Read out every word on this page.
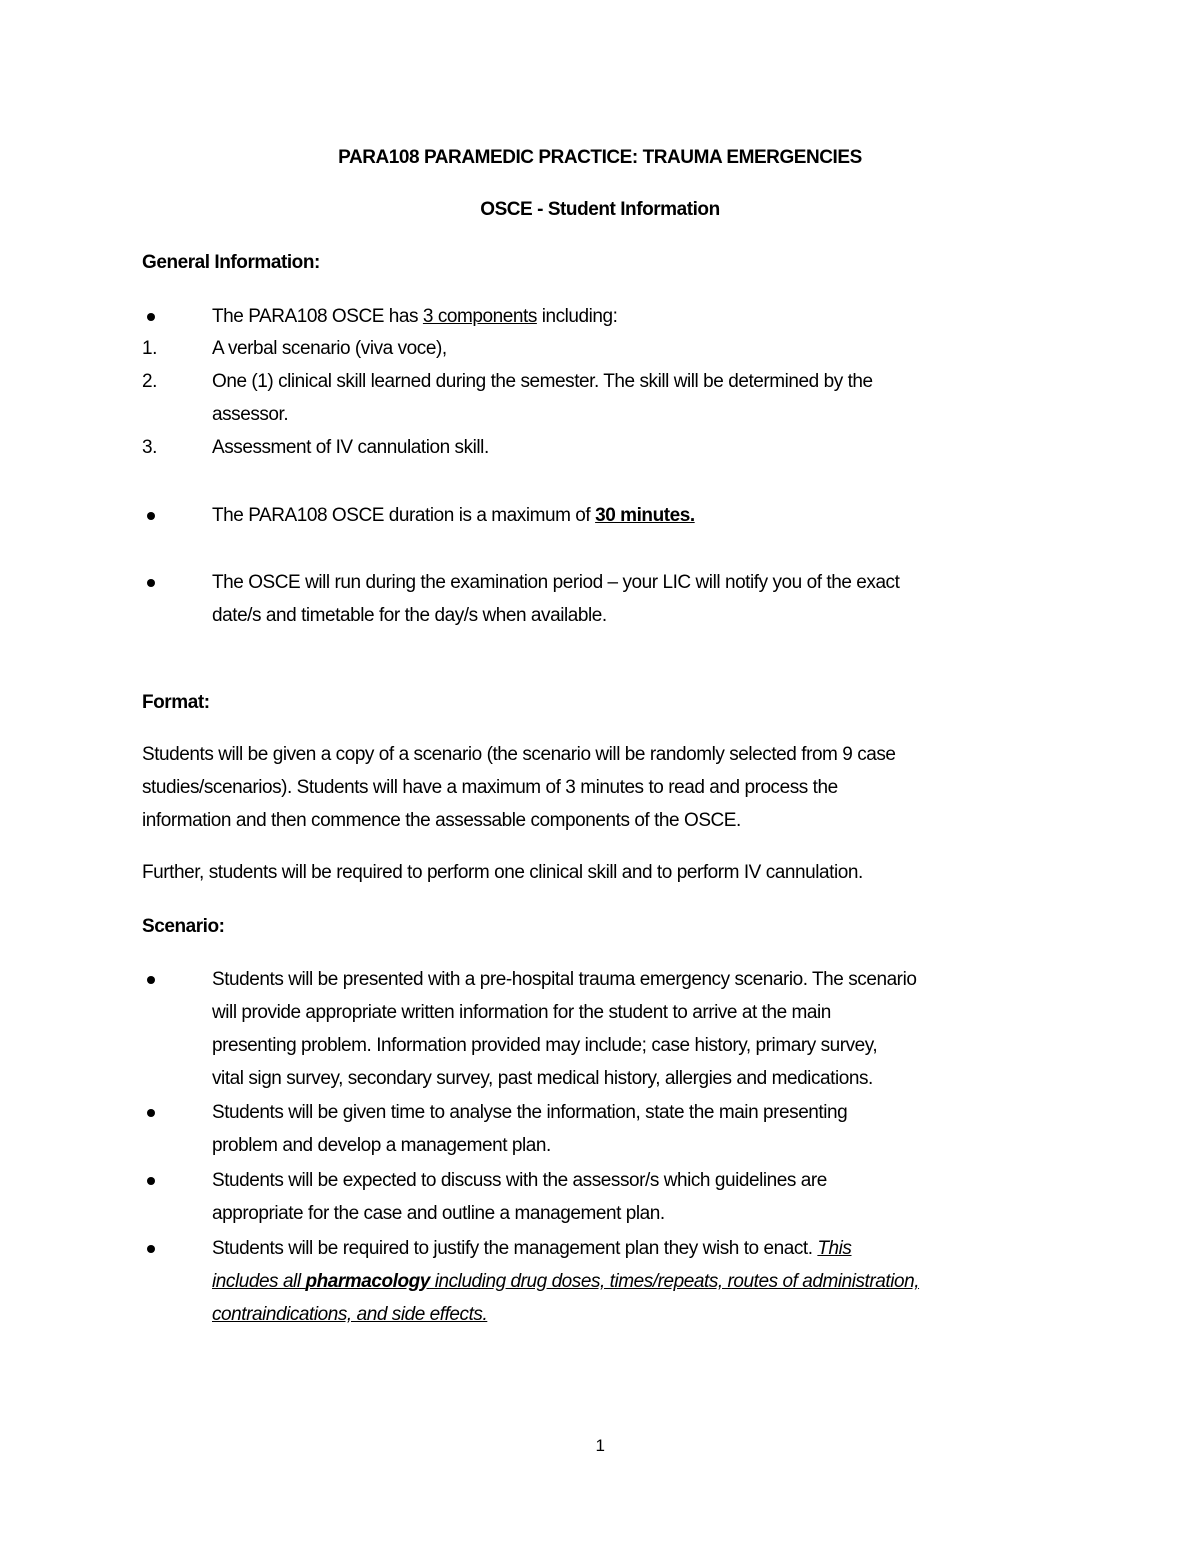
PARA108 PARAMEDIC PRACTICE: TRAUMA EMERGENCIES
OSCE - Student Information
General Information:
The PARA108 OSCE has 3 components including:
1.	A verbal scenario (viva voce),
2.	One (1) clinical skill learned during the semester. The skill will be determined by the
assessor.
3.	Assessment of IV cannulation skill.
The PARA108 OSCE duration is a maximum of 30 minutes.
The OSCE will run during the examination period – your LIC will notify you of the exact
date/s and timetable for the day/s when available.
Format:
Students will be given a copy of a scenario (the scenario will be randomly selected from 9 case
studies/scenarios). Students will have a maximum of 3 minutes to read and process the
information and then commence the assessable components of the OSCE.
Further, students will be required to perform one clinical skill and to perform IV cannulation.
Scenario:
Students will be presented with a pre-hospital trauma emergency scenario. The scenario
will provide appropriate written information for the student to arrive at the main
presenting problem. Information provided may include; case history, primary survey,
vital sign survey, secondary survey, past medical history, allergies and medications.
Students will be given time to analyse the information, state the main presenting
problem and develop a management plan.
Students will be expected to discuss with the assessor/s which guidelines are
appropriate for the case and outline a management plan.
Students will be required to justify the management plan they wish to enact. This
includes all pharmacology including drug doses, times/repeats, routes of administration,
contraindications, and side effects.
1
